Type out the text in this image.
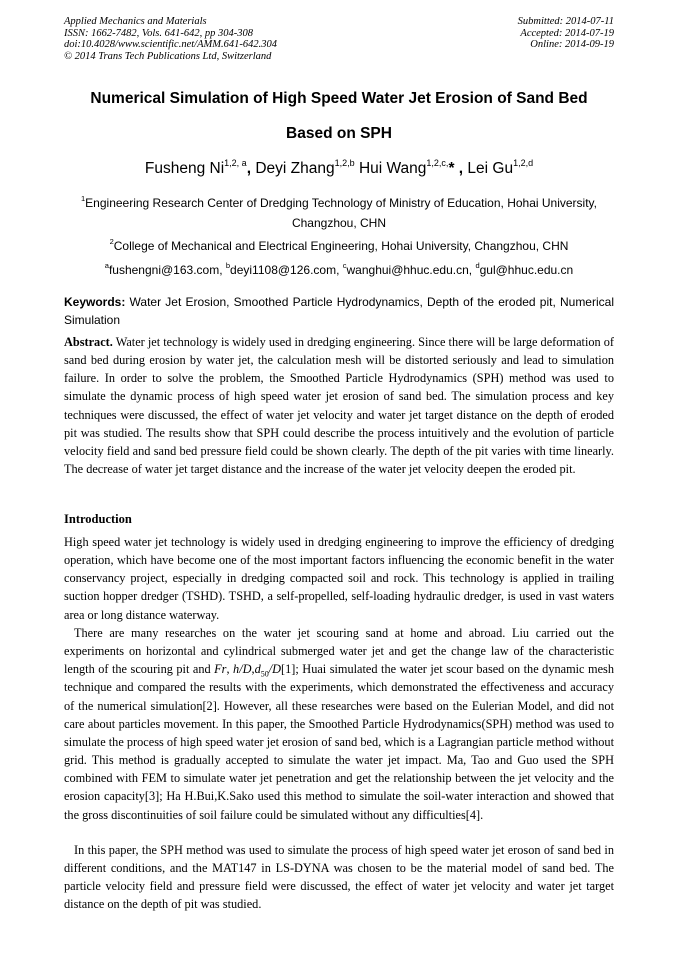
Applied Mechanics and Materials
ISSN: 1662-7482, Vols. 641-642, pp 304-308
doi:10.4028/www.scientific.net/AMM.641-642.304
© 2014 Trans Tech Publications Ltd, Switzerland
Submitted: 2014-07-11
Accepted: 2014-07-19
Online: 2014-09-19
Numerical Simulation of High Speed Water Jet Erosion of Sand Bed
Based on SPH
Fusheng Ni$^{1,2, a}$, Deyi Zhang$^{1,2,b}$ Hui Wang$^{1,2,c,}$* , Lei Gu$^{1,2,d}$
$^1$Engineering Research Center of Dredging Technology of Ministry of Education, Hohai University,
Changzhou, CHN
$^2$College of Mechanical and Electrical Engineering, Hohai University, Changzhou, CHN
$^a$fushengni@163.com, $^b$deyi1108@126.com, $^c$wanghui@hhuc.edu.cn, $^d$gul@hhuc.edu.cn
Keywords: Water Jet Erosion, Smoothed Particle Hydrodynamics, Depth of the eroded pit, Numerical Simulation
Abstract. Water jet technology is widely used in dredging engineering. Since there will be large deformation of sand bed during erosion by water jet, the calculation mesh will be distorted seriously and lead to simulation failure. In order to solve the problem, the Smoothed Particle Hydrodynamics (SPH) method was used to simulate the dynamic process of high speed water jet erosion of sand bed. The simulation process and key techniques were discussed, the effect of water jet velocity and water jet target distance on the depth of eroded pit was studied. The results show that SPH could describe the process intuitively and the evolution of particle velocity field and sand bed pressure field could be shown clearly. The depth of the pit varies with time linearly. The decrease of water jet target distance and the increase of the water jet velocity deepen the eroded pit.
Introduction
High speed water jet technology is widely used in dredging engineering to improve the efficiency of dredging operation, which have become one of the most important factors influencing the economic benefit in the water conservancy project, especially in dredging compacted soil and rock. This technology is applied in trailing suction hopper dredger (TSHD). TSHD, a self-propelled, self-loading hydraulic dredger, is used in vast waters area or long distance waterway.
There are many researches on the water jet scouring sand at home and abroad. Liu carried out the experiments on horizontal and cylindrical submerged water jet and get the change law of the characteristic length of the scouring pit and Fr, $h/D,d_{50}/D[1]$; Huai simulated the water jet scour based on the dynamic mesh technique and compared the results with the experiments, which demonstrated the effectiveness and accuracy of the numerical simulation[2]. However, all these researches were based on the Eulerian Model, and did not care about particles movement. In this paper, the Smoothed Particle Hydrodynamics(SPH) method was used to simulate the process of high speed water jet erosion of sand bed, which is a Lagrangian particle method without grid. This method is gradually accepted to simulate the water jet impact. Ma, Tao and Guo used the SPH combined with FEM to simulate water jet penetration and get the relationship between the jet velocity and the erosion capacity[3]; Ha H.Bui,K.Sako used this method to simulate the soil-water interaction and showed that the gross discontinuities of soil failure could be simulated without any difficulties[4].
In this paper, the SPH method was used to simulate the process of high speed water jet eroson of sand bed in different conditions, and the MAT147 in LS-DYNA was chosen to be the material model of sand bed. The particle velocity field and pressure field were discussed, the effect of water jet velocity and water jet target distance on the depth of pit was studied.
